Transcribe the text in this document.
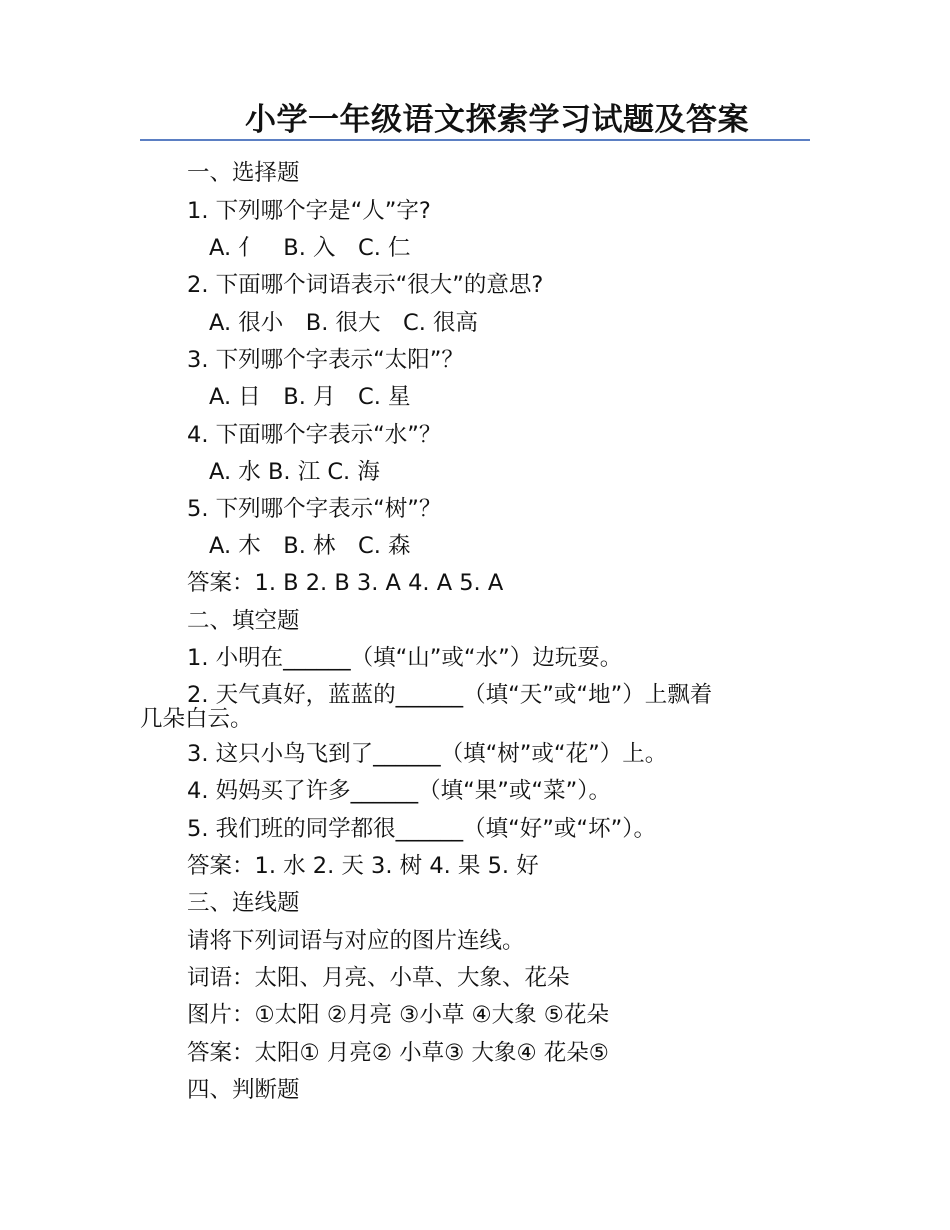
小学一年级语文探索学习试题及答案
一、选择题
1. 下列哪个字是“人”字?
A. 亻　B. 入　C. 仁
2. 下面哪个词语表示“很大”的意思?
A. 很小　B. 很大　C. 很高
3. 下列哪个字表示“太阳”？
A. 日　B. 月　C. 星
4. 下面哪个字表示“水”？
A. 水 B. 江 C. 海
5. 下列哪个字表示“树”？
A. 木　B. 林　C. 森
答案：1. B 2. B 3. A 4. A 5. A
二、填空题
1. 小明在______（填“山”或“水”）边玩耍。
2. 天气真好，蓝蓝的______（填“天”或“地”）上飘着
几朵白云。
3. 这只小鸟飞到了______（填“树”或“花”）上。
4. 妈妈买了许多______（填“果”或“菜”）。
5. 我们班的同学都很______（填“好”或“坏”）。
答案：1. 水 2. 天 3. 树 4. 果 5. 好
三、连线题
请将下列词语与对应的图片连线。
词语：太阳、月亮、小草、大象、花朵
图片：①太阳 ②月亮 ③小草 ④大象 ⑤花朵
答案：太阳① 月亮② 小草③ 大象④ 花朵⑤
四、判断题
